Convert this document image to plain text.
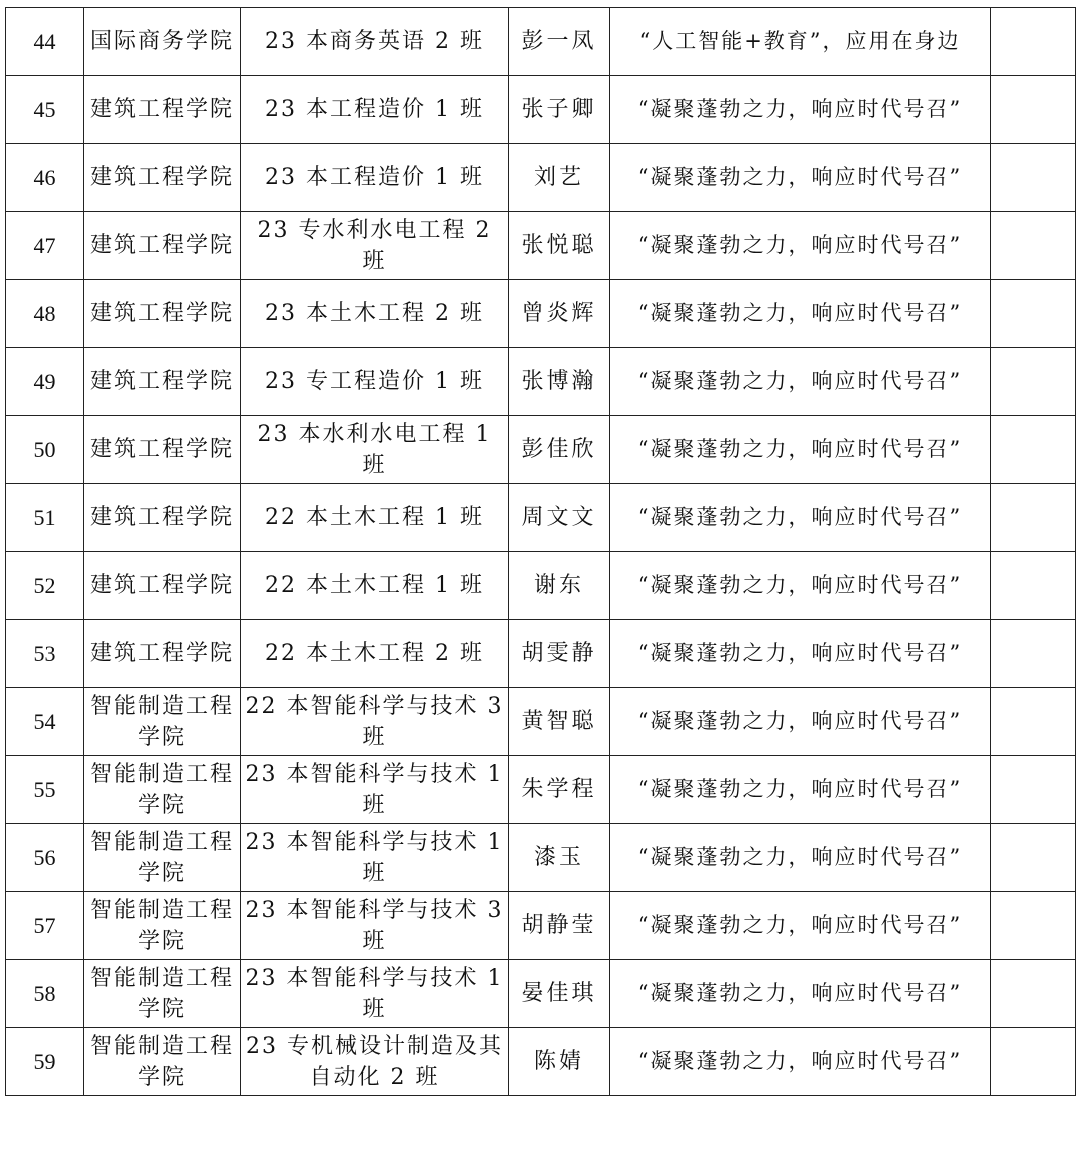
44	国际商务学院	23 本商务英语 2 班	彭一凤	“人工智能+教育”，应用在身边	
45	建筑工程学院	23 本工程造价 1 班	张子卿	“凝聚蓬勃之力，响应时代号召”	
46	建筑工程学院	23 本工程造价 1 班	刘艺	“凝聚蓬勃之力，响应时代号召”	
47	建筑工程学院	23 专水利水电工程 2 班	张悦聪	“凝聚蓬勃之力，响应时代号召”	
48	建筑工程学院	23 本土木工程 2 班	曾炎辉	“凝聚蓬勃之力，响应时代号召”	
49	建筑工程学院	23 专工程造价 1 班	张博瀚	“凝聚蓬勃之力，响应时代号召”	
50	建筑工程学院	23 本水利水电工程 1 班	彭佳欣	“凝聚蓬勃之力，响应时代号召”	
51	建筑工程学院	22 本土木工程 1 班	周文文	“凝聚蓬勃之力，响应时代号召”	
52	建筑工程学院	22 本土木工程 1 班	谢东	“凝聚蓬勃之力，响应时代号召”	
53	建筑工程学院	22 本土木工程 2 班	胡雯静	“凝聚蓬勃之力，响应时代号召”	
54	智能制造工程学院	22 本智能科学与技术 3 班	黄智聪	“凝聚蓬勃之力，响应时代号召”	
55	智能制造工程学院	23 本智能科学与技术 1 班	朱学程	“凝聚蓬勃之力，响应时代号召”	
56	智能制造工程学院	23 本智能科学与技术 1 班	漆玉	“凝聚蓬勃之力，响应时代号召”	
57	智能制造工程学院	23 本智能科学与技术 3 班	胡静莹	“凝聚蓬勃之力，响应时代号召”	
58	智能制造工程学院	23 本智能科学与技术 1 班	晏佳琪	“凝聚蓬勃之力，响应时代号召”	
59	智能制造工程学院	23 专机械设计制造及其自动化 2 班	陈婧	“凝聚蓬勃之力，响应时代号召”	
